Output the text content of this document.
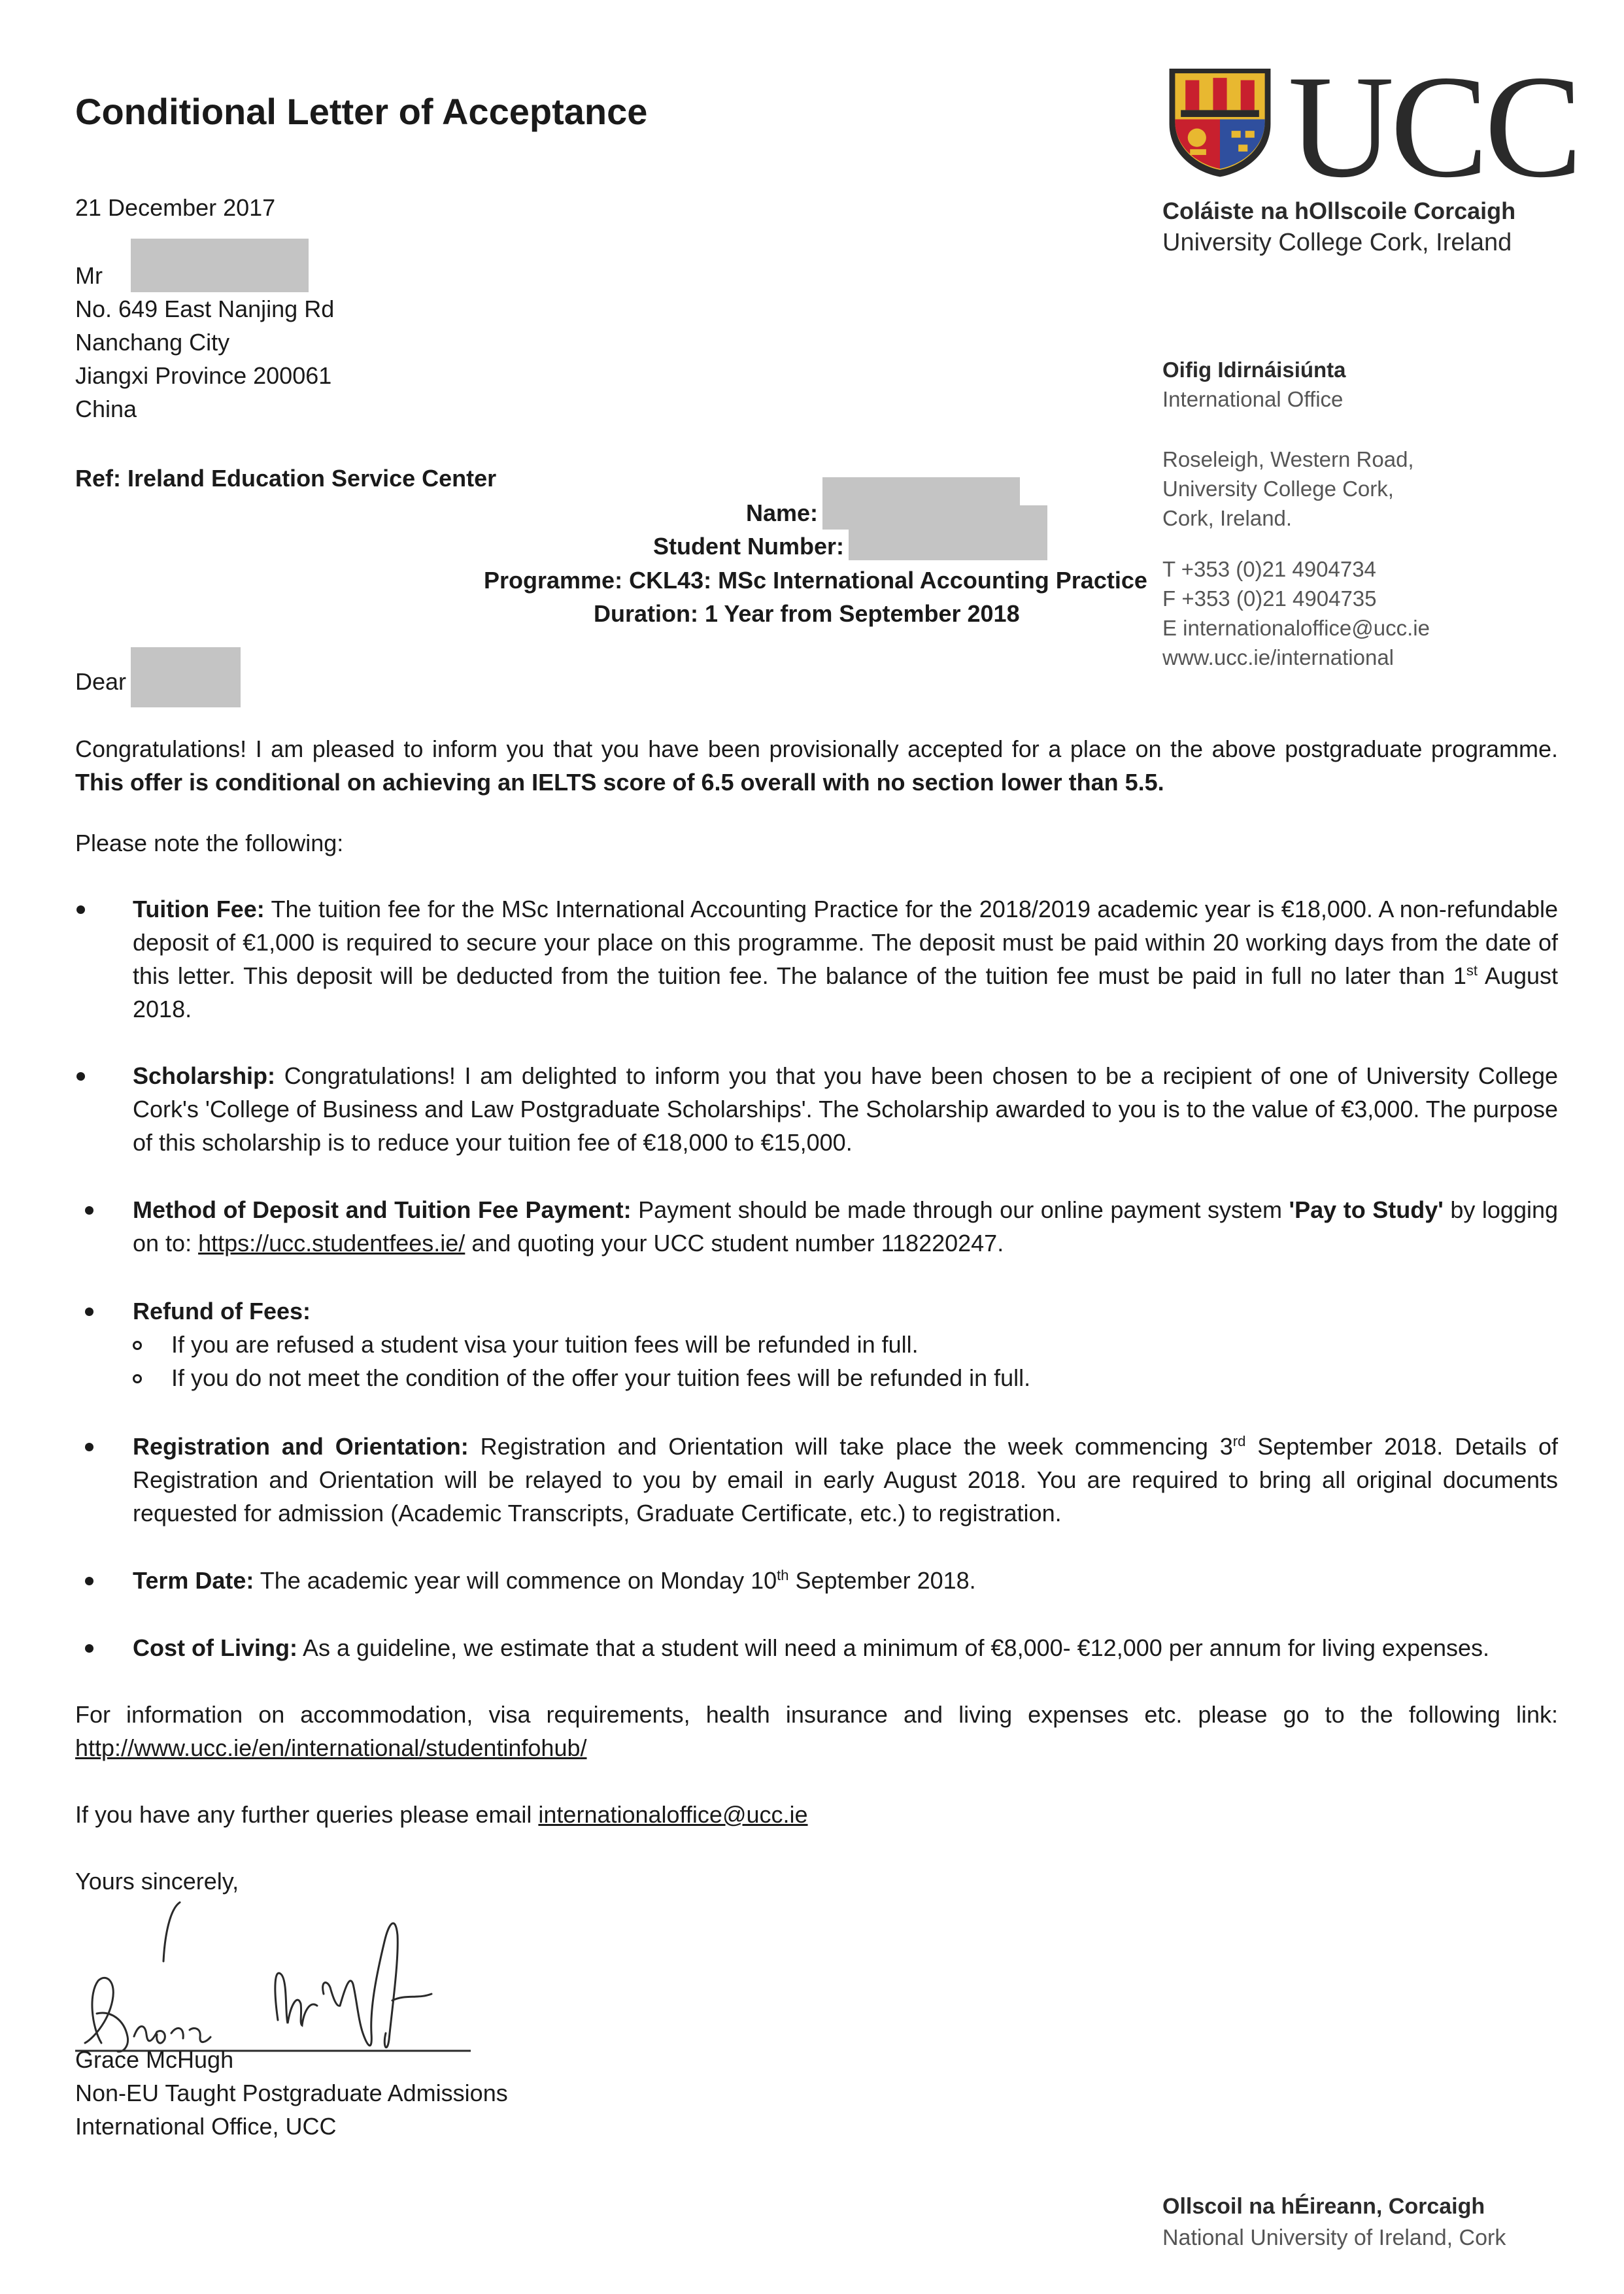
Conditional Letter of Acceptance
21 December 2017	UCC
Coláiste na hOllscoile Corcaigh
University College Cork, Ireland
Oifig Idirnáisiúnta
International Office
Roseleigh, Western Road,
University College Cork,
Cork, Ireland.
T +353 (0)21 4904734
F +353 (0)21 4904735
E internationaloffice@ucc.ie
www.ucc.ie/international
Mr
No. 649 East Nanjing Rd
Nanchang City
Jiangxi Province 200061
China
Ref: Ireland Education Service Center
Name:
Student Number:
Programme: CKL43: MSc International Accounting Practice
Duration: 1 Year from September 2018
Dear
Congratulations! I am pleased to inform you that you have been provisionally accepted for a place on the above postgraduate programme. This offer is conditional on achieving an IELTS score of 6.5 overall with no section lower than 5.5.
Please note the following:
Tuition Fee: The tuition fee for the MSc International Accounting Practice for the 2018/2019 academic year is €18,000. A non-refundable deposit of €1,000 is required to secure your place on this programme. The deposit must be paid within 20 working days from the date of this letter. This deposit will be deducted from the tuition fee. The balance of the tuition fee must be paid in full no later than 1st August 2018.
Scholarship: Congratulations! I am delighted to inform you that you have been chosen to be a recipient of one of University College Cork's 'College of Business and Law Postgraduate Scholarships'. The Scholarship awarded to you is to the value of €3,000. The purpose of this scholarship is to reduce your tuition fee of €18,000 to €15,000.
Method of Deposit and Tuition Fee Payment: Payment should be made through our online payment system 'Pay to Study' by logging on to: https://ucc.studentfees.ie/ and quoting your UCC student number 118220247.
Refund of Fees:
If you are refused a student visa your tuition fees will be refunded in full.
If you do not meet the condition of the offer your tuition fees will be refunded in full.
Registration and Orientation: Registration and Orientation will take place the week commencing 3rd September 2018. Details of Registration and Orientation will be relayed to you by email in early August 2018. You are required to bring all original documents requested for admission (Academic Transcripts, Graduate Certificate, etc.) to registration.
Term Date: The academic year will commence on Monday 10th September 2018.
Cost of Living: As a guideline, we estimate that a student will need a minimum of €8,000- €12,000 per annum for living expenses.
For information on accommodation, visa requirements, health insurance and living expenses etc. please go to the following link: http://www.ucc.ie/en/international/studentinfohub/
If you have any further queries please email internationaloffice@ucc.ie
Yours sincerely,
Grace McHugh
Non-EU Taught Postgraduate Admissions
International Office, UCC
Ollscoil na hÉireann, Corcaigh
National University of Ireland, Cork
